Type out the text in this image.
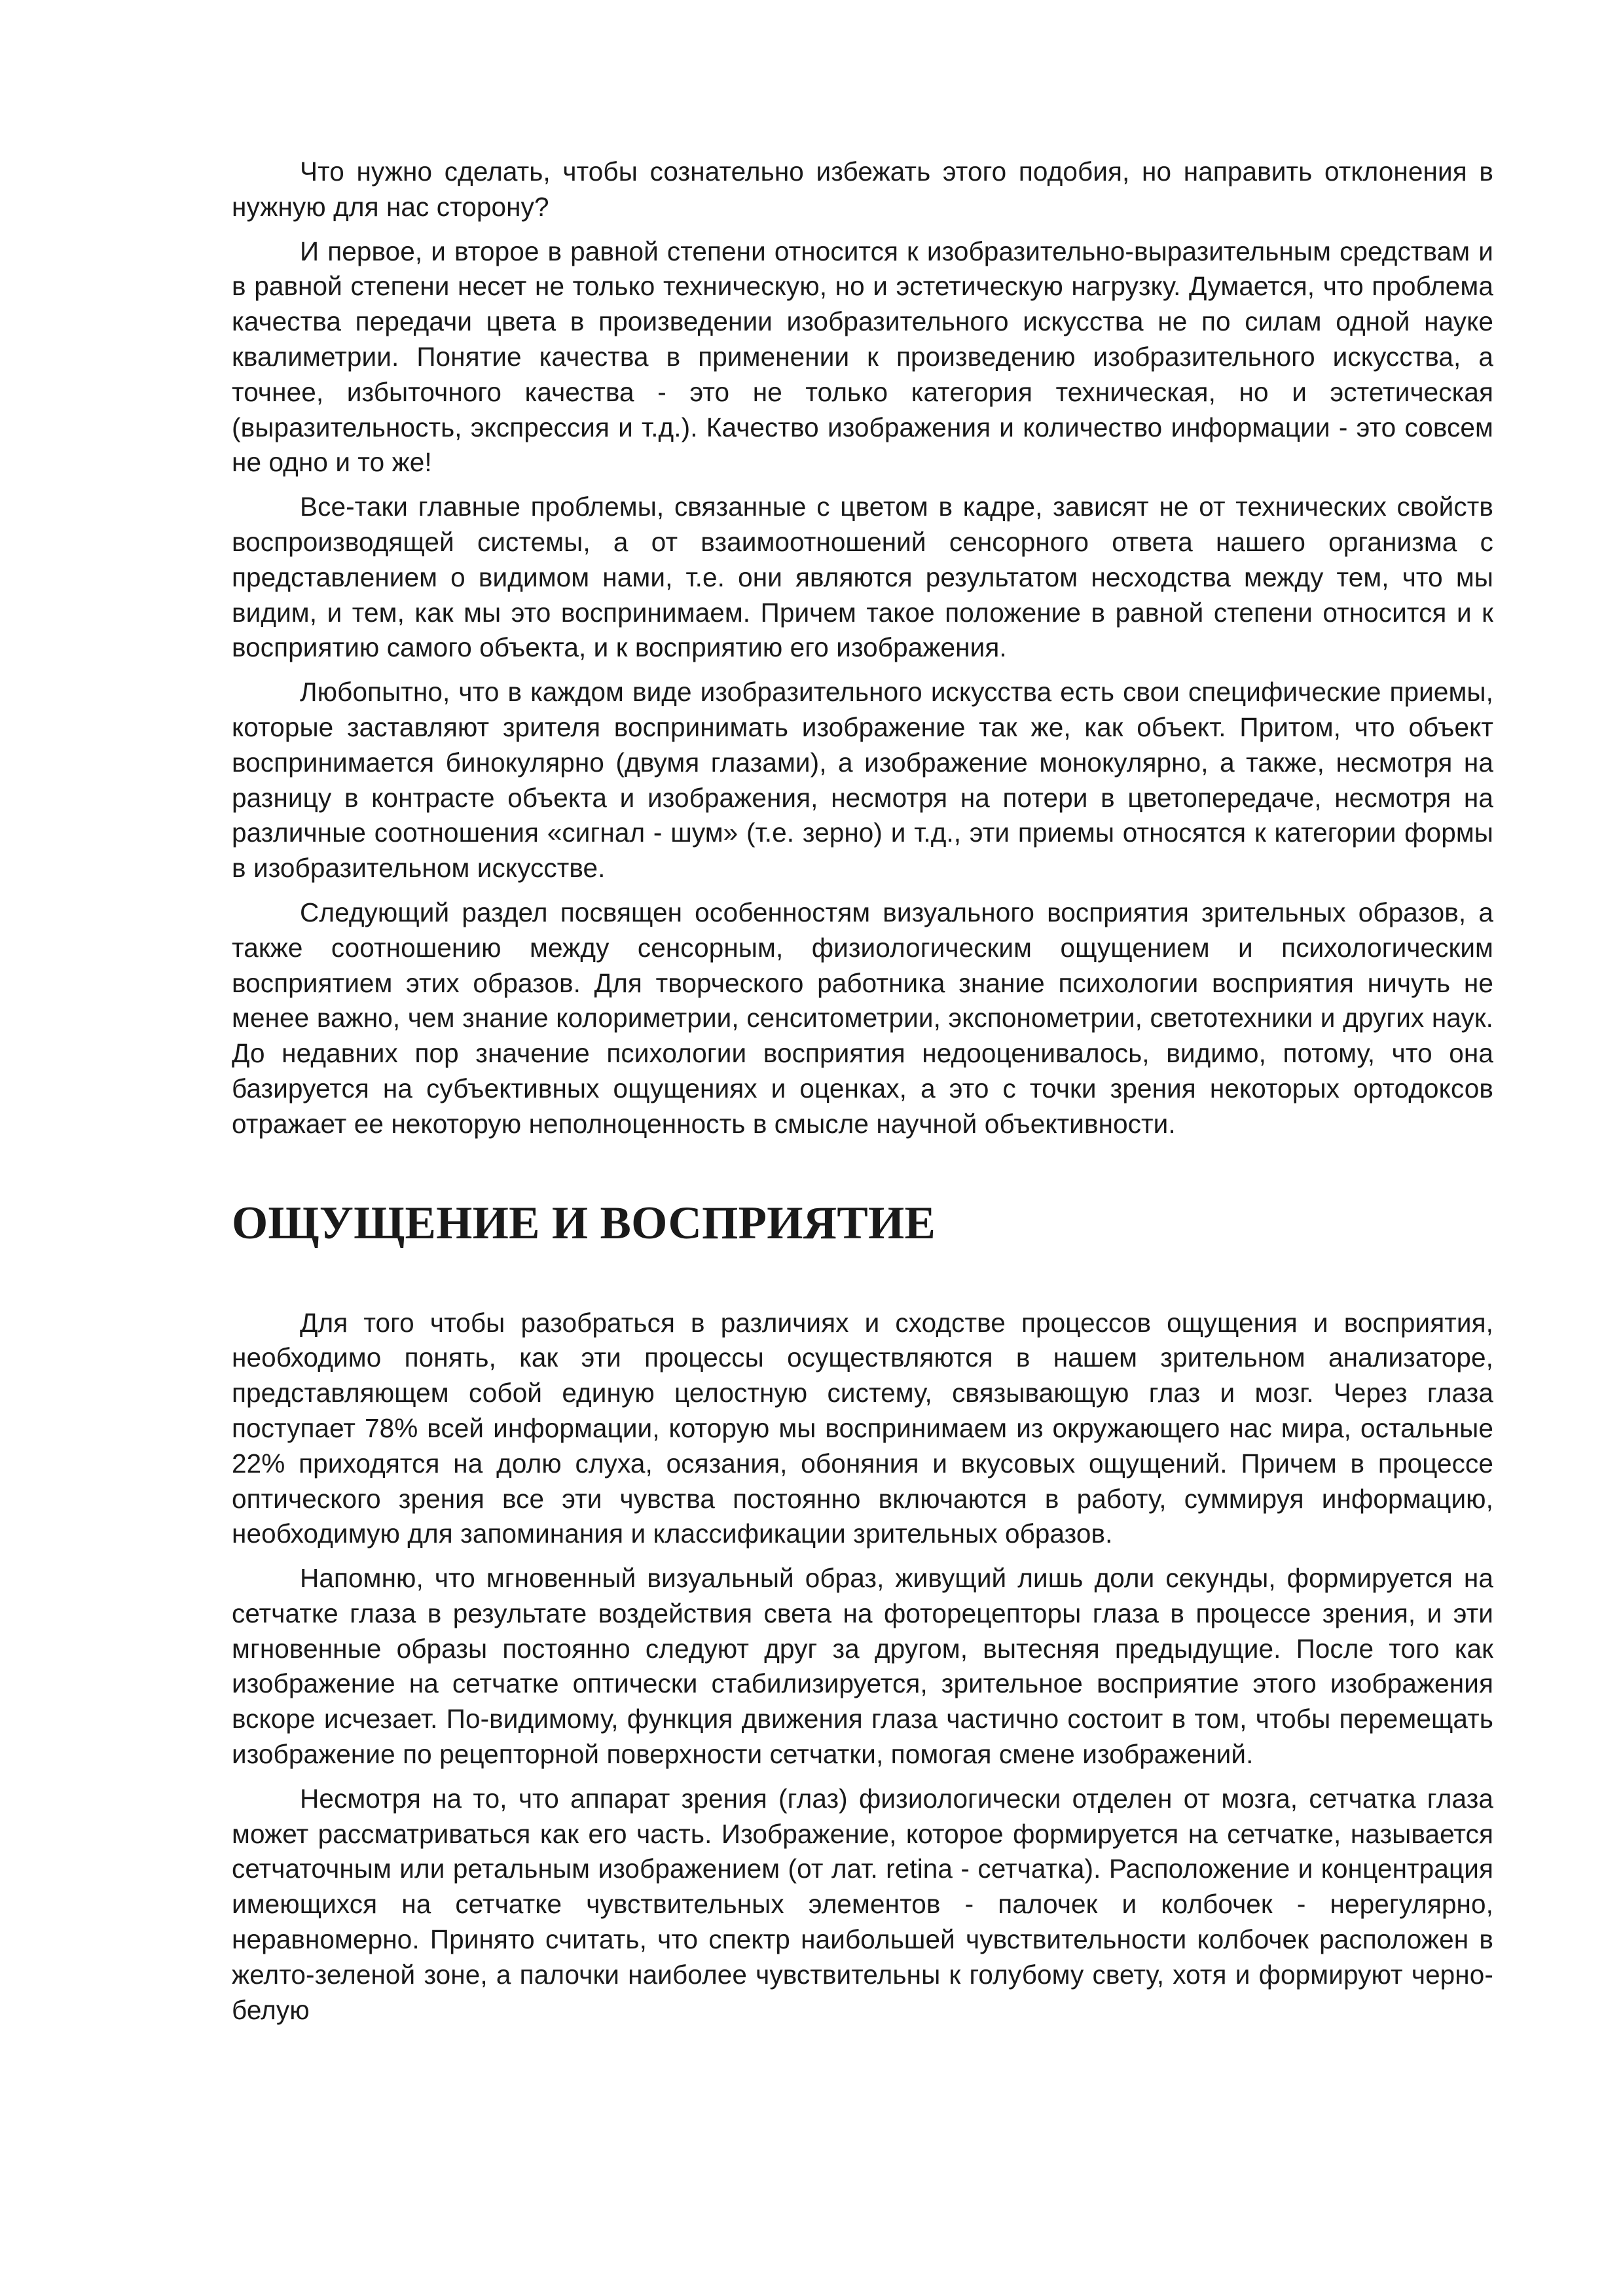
Что нужно сделать, чтобы сознательно избежать этого подобия, но направить отклонения в нужную для нас сторону?

И первое, и второе в равной степени относится к изобразительно-выразительным средствам и в равной степени несет не только техническую, но и эстетическую нагрузку. Думается, что проблема качества передачи цвета в произведении изобразительного искусства не по силам одной науке квалиметрии. Понятие качества в применении к произведению изобразительного искусства, а точнее, избыточного качества - это не только категория техническая, но и эстетическая (выразительность, экспрессия и т.д.). Качество изображения и количество информации - это совсем не одно и то же!

Все-таки главные проблемы, связанные с цветом в кадре, зависят не от технических свойств воспроизводящей системы, а от взаимоотношений сенсорного ответа нашего организма с представлением о видимом нами, т.е. они являются результатом несходства между тем, что мы видим, и тем, как мы это воспринимаем. Причем такое положение в равной степени относится и к восприятию самого объекта, и к восприятию его изображения.

Любопытно, что в каждом виде изобразительного искусства есть свои специфические приемы, которые заставляют зрителя воспринимать изображение так же, как объект. Притом, что объект воспринимается бинокулярно (двумя глазами), а изображение монокулярно, а также, несмотря на разницу в контрасте объекта и изображения, несмотря на потери в цветопередаче, несмотря на различные соотношения «сигнал - шум» (т.е. зерно) и т.д., эти приемы относятся к категории формы в изобразительном искусстве.

Следующий раздел посвящен особенностям визуального восприятия зрительных образов, а также соотношению между сенсорным, физиологическим ощущением и психологическим восприятием этих образов. Для творческого работника знание психологии восприятия ничуть не менее важно, чем знание колориметрии, сенситометрии, экспонометрии, светотехники и других наук. До недавних пор значение психологии восприятия недооценивалось, видимо, потому, что она базируется на субъективных ощущениях и оценках, а это с точки зрения некоторых ортодоксов отражает ее некоторую неполноценность в смысле научной объективности.

ОЩУЩЕНИЕ И ВОСПРИЯТИЕ

Для того чтобы разобраться в различиях и сходстве процессов ощущения и восприятия, необходимо понять, как эти процессы осуществляются в нашем зрительном анализаторе, представляющем собой единую целостную систему, связывающую глаз и мозг. Через глаза поступает 78% всей информации, которую мы воспринимаем из окружающего нас мира, остальные 22% приходятся на долю слуха, осязания, обоняния и вкусовых ощущений. Причем в процессе оптического зрения все эти чувства постоянно включаются в работу, суммируя информацию, необходимую для запоминания и классификации зрительных образов.

Напомню, что мгновенный визуальный образ, живущий лишь доли секунды, формируется на сетчатке глаза в результате воздействия света на фоторецепторы глаза в процессе зрения, и эти мгновенные образы постоянно следуют друг за другом, вытесняя предыдущие. После того как изображение на сетчатке оптически стабилизируется, зрительное восприятие этого изображения вскоре исчезает. По-видимому, функция движения глаза частично состоит в том, чтобы перемещать изображение по рецепторной поверхности сетчатки, помогая смене изображений.

Несмотря на то, что аппарат зрения (глаз) физиологически отделен от мозга, сетчатка глаза может рассматриваться как его часть. Изображение, которое формируется на сетчатке, называется сетчаточным или ретальным изображением (от лат. retina - сетчатка). Расположение и концентрация имеющихся на сетчатке чувствительных элементов - палочек и колбочек - нерегулярно, неравномерно. Принято считать, что спектр наибольшей чувствительности колбочек расположен в желто-зеленой зоне, а палочки наиболее чувствительны к голубому свету, хотя и формируют черно-белую
